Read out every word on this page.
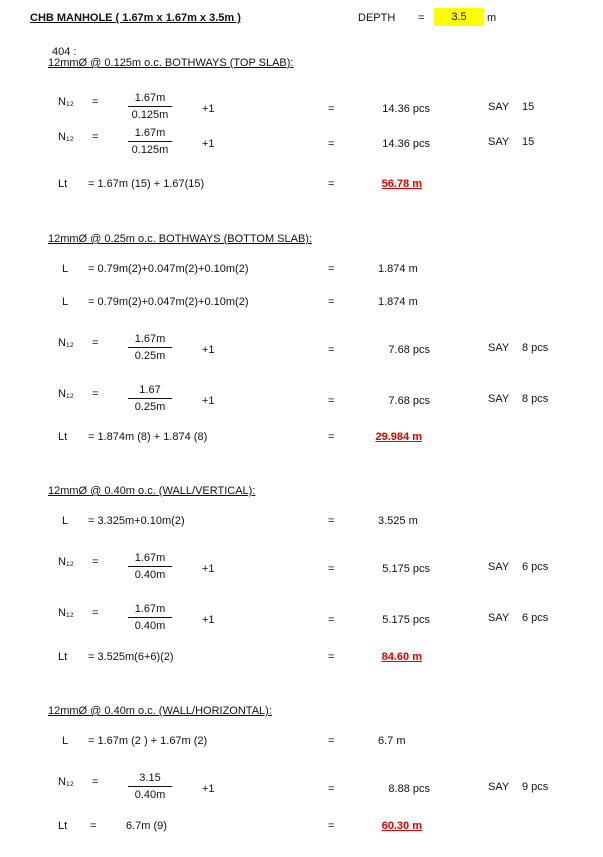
CHB MANHOLE ( 1.67m x 1.67m x 3.5m )	DEPTH =	3.5	m
404 :
12mmØ @ 0.125m o.c. BOTHWAYS (TOP SLAB):
N₁₂ =	$\frac{1.67m}{0.125m}$	+1	=	14.36 pcs	SAY 15
N₁₂ =	$\frac{1.67m}{0.125m}$	+1	=	14.36 pcs	SAY 15
Lt = 1.67m (15) + 1.67(15)	=	56.78 m
12mmØ @ 0.25m o.c. BOTHWAYS (BOTTOM SLAB):
L = 0.79m(2)+0.047m(2)+0.10m(2)	=	1.874 m
L = 0.79m(2)+0.047m(2)+0.10m(2)	=	1.874 m
N₁₂ =	$\frac{1.67m}{0.25m}$	+1	=	7.68 pcs	SAY 8 pcs
N₁₂ =	$\frac{1.67}{0.25m}$	+1	=	7.68 pcs	SAY 8 pcs
Lt = 1.874m (8) + 1.874 (8)	=	29.984 m
12mmØ @ 0.40m o.c. (WALL/VERTICAL):
L = 3.325m+0.10m(2)	=	3.525 m
N₁₂ =	$\frac{1.67m}{0.40m}$	+1	=	5.175 pcs	SAY 6 pcs
N₁₂ =	$\frac{1.67m}{0.40m}$	+1	=	5.175 pcs	SAY 6 pcs
Lt = 3.525m(6+6)(2)	=	84.60 m
12mmØ @ 0.40m o.c. (WALL/HORIZONTAL):
L = 1.67m (2 ) + 1.67m (2)	=	6.7 m
N₁₂ =	$\frac{3.15}{0.40m}$	+1	=	8.88 pcs	SAY 9 pcs
Lt =	6.7m (9)	=	60.30 m
